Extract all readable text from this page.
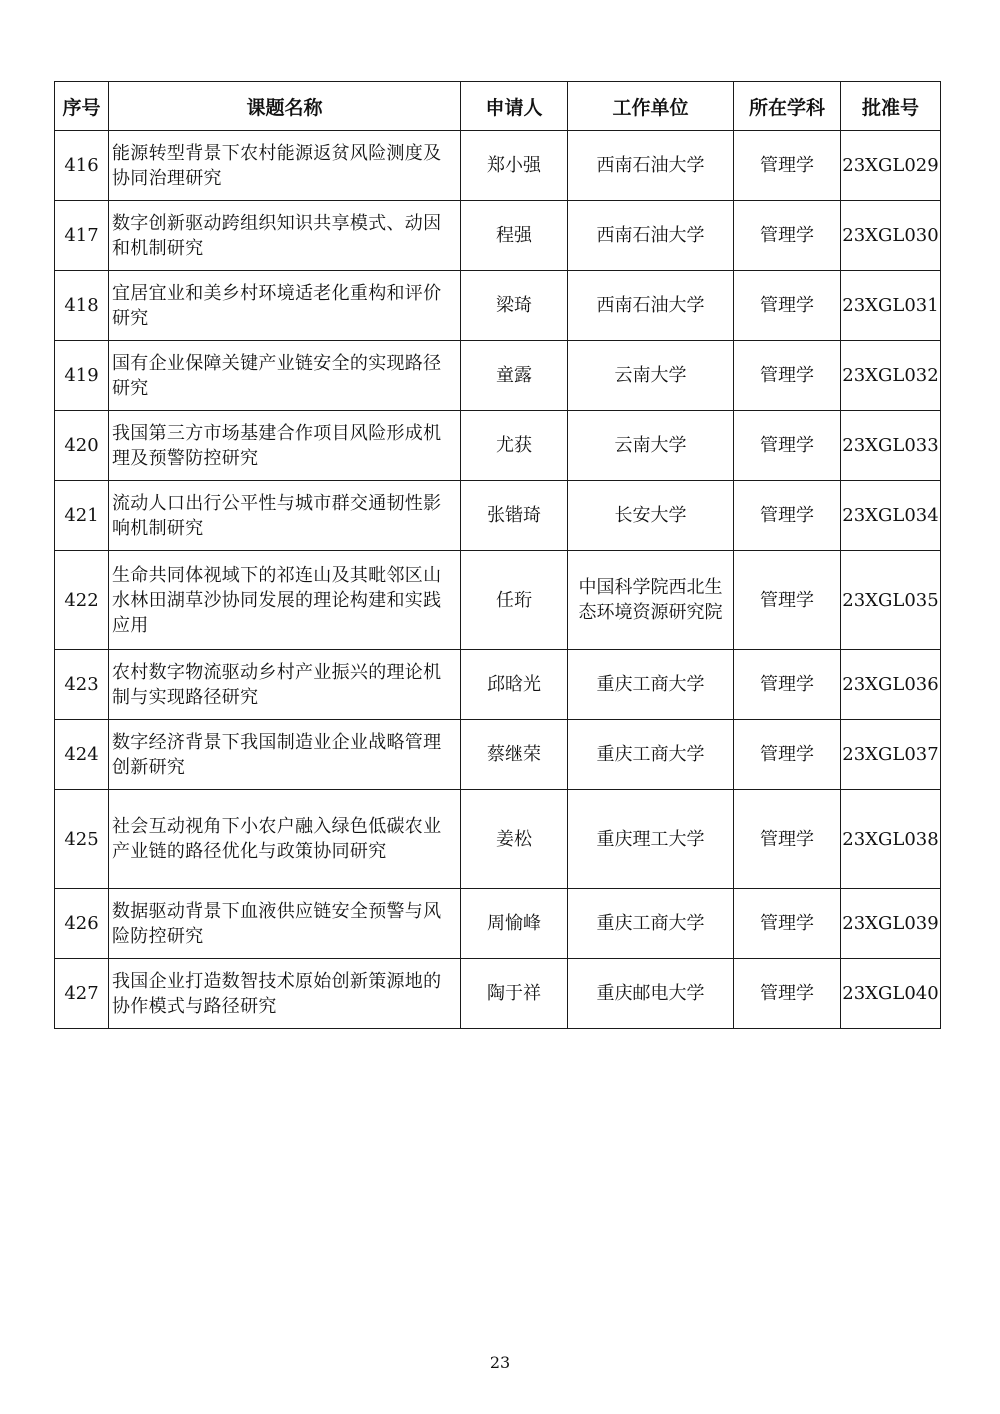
序号	课题名称	申请人	工作单位	所在学科	批准号
416	能源转型背景下农村能源返贫风险测度及协同治理研究	郑小强	西南石油大学	管理学	23XGL029
417	数字创新驱动跨组织知识共享模式、动因和机制研究	程强	西南石油大学	管理学	23XGL030
418	宜居宜业和美乡村环境适老化重构和评价研究	梁琦	西南石油大学	管理学	23XGL031
419	国有企业保障关键产业链安全的实现路径研究	童露	云南大学	管理学	23XGL032
420	我国第三方市场基建合作项目风险形成机理及预警防控研究	尤获	云南大学	管理学	23XGL033
421	流动人口出行公平性与城市群交通韧性影响机制研究	张锴琦	长安大学	管理学	23XGL034
422	生命共同体视域下的祁连山及其毗邻区山水林田湖草沙协同发展的理论构建和实践应用	任珩	中国科学院西北生态环境资源研究院	管理学	23XGL035
423	农村数字物流驱动乡村产业振兴的理论机制与实现路径研究	邱晗光	重庆工商大学	管理学	23XGL036
424	数字经济背景下我国制造业企业战略管理创新研究	蔡继荣	重庆工商大学	管理学	23XGL037
425	社会互动视角下小农户融入绿色低碳农业产业链的路径优化与政策协同研究	姜松	重庆理工大学	管理学	23XGL038
426	数据驱动背景下血液供应链安全预警与风险防控研究	周愉峰	重庆工商大学	管理学	23XGL039
427	我国企业打造数智技术原始创新策源地的协作模式与路径研究	陶于祥	重庆邮电大学	管理学	23XGL040
23
